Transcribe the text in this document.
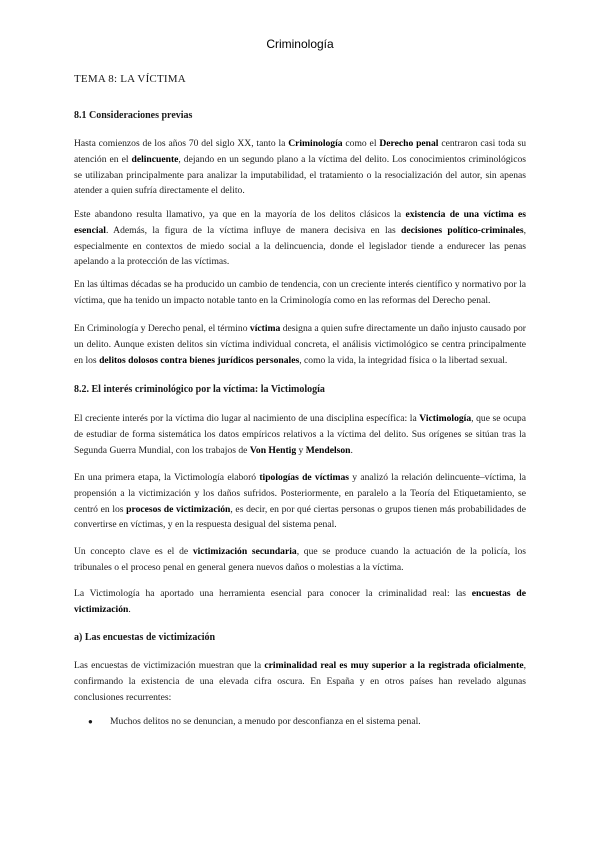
Criminología

TEMA 8: LA VÍCTIMA

8.1 Consideraciones previas

Hasta comienzos de los años 70 del siglo XX, tanto la Criminología como el Derecho penal centraron casi toda su atención en el delincuente, dejando en un segundo plano a la víctima del delito. Los conocimientos criminológicos se utilizaban principalmente para analizar la imputabilidad, el tratamiento o la resocialización del autor, sin apenas atender a quien sufría directamente el delito.

Este abandono resulta llamativo, ya que en la mayoría de los delitos clásicos la existencia de una víctima es esencial. Además, la figura de la víctima influye de manera decisiva en las decisiones político-criminales, especialmente en contextos de miedo social a la delincuencia, donde el legislador tiende a endurecer las penas apelando a la protección de las víctimas.

En las últimas décadas se ha producido un cambio de tendencia, con un creciente interés científico y normativo por la víctima, que ha tenido un impacto notable tanto en la Criminología como en las reformas del Derecho penal.

En Criminología y Derecho penal, el término víctima designa a quien sufre directamente un daño injusto causado por un delito. Aunque existen delitos sin víctima individual concreta, el análisis victimológico se centra principalmente en los delitos dolosos contra bienes jurídicos personales, como la vida, la integridad física o la libertad sexual.

8.2. El interés criminológico por la víctima: la Victimología

El creciente interés por la víctima dio lugar al nacimiento de una disciplina específica: la Victimología, que se ocupa de estudiar de forma sistemática los datos empíricos relativos a la víctima del delito. Sus orígenes se sitúan tras la Segunda Guerra Mundial, con los trabajos de Von Hentig y Mendelson.

En una primera etapa, la Victimología elaboró tipologías de víctimas y analizó la relación delincuente–víctima, la propensión a la victimización y los daños sufridos. Posteriormente, en paralelo a la Teoría del Etiquetamiento, se centró en los procesos de victimización, es decir, en por qué ciertas personas o grupos tienen más probabilidades de convertirse en víctimas, y en la respuesta desigual del sistema penal.

Un concepto clave es el de victimización secundaria, que se produce cuando la actuación de la policía, los tribunales o el proceso penal en general genera nuevos daños o molestias a la víctima.

La Victimología ha aportado una herramienta esencial para conocer la criminalidad real: las encuestas de victimización.

a) Las encuestas de victimización

Las encuestas de victimización muestran que la criminalidad real es muy superior a la registrada oficialmente, confirmando la existencia de una elevada cifra oscura. En España y en otros países han revelado algunas conclusiones recurrentes:

● Muchos delitos no se denuncian, a menudo por desconfianza en el sistema penal.
